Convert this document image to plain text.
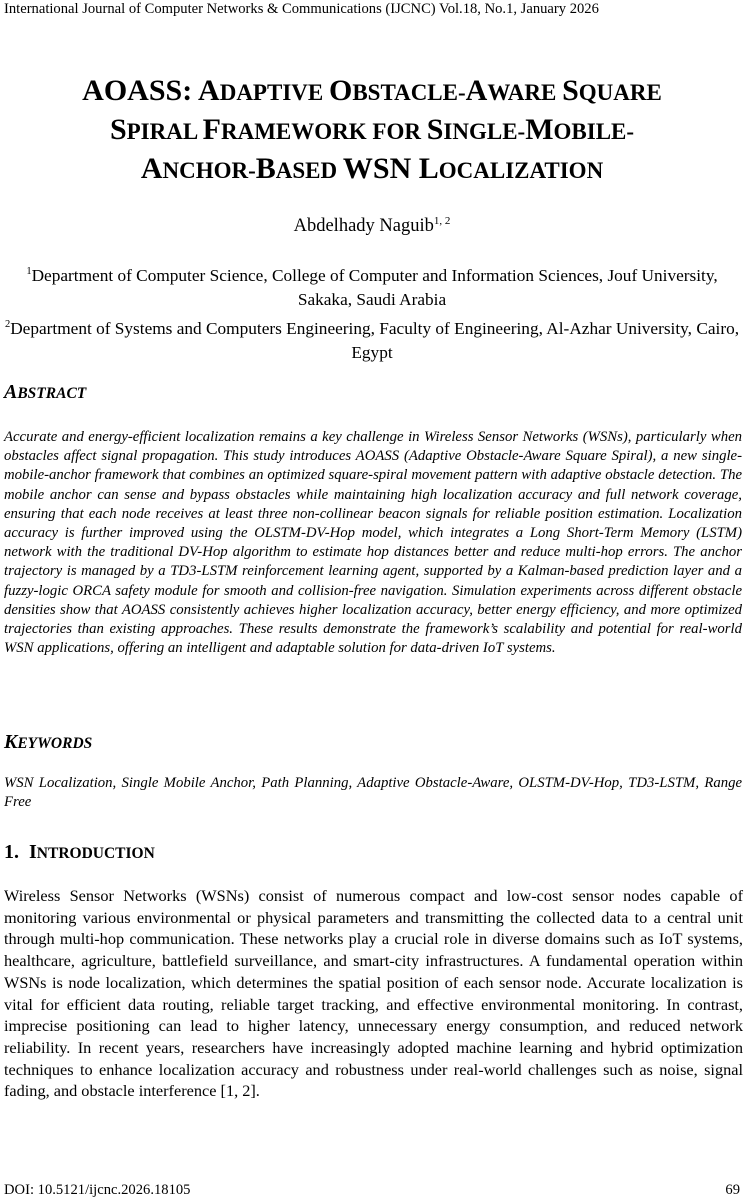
International Journal of Computer Networks & Communications (IJCNC) Vol.18, No.1, January 2026
AOASS: ADAPTIVE OBSTACLE-AWARE SQUARE
SPIRAL FRAMEWORK FOR SINGLE-MOBILE-
ANCHOR-BASED WSN LOCALIZATION
Abdelhady Naguib$^{1, 2}$
$^1$Department of Computer Science, College of Computer and Information Sciences, Jouf University, Sakaka, Saudi Arabia
$^2$Department of Systems and Computers Engineering, Faculty of Engineering, Al-Azhar University, Cairo, Egypt
ABSTRACT
Accurate and energy-efficient localization remains a key challenge in Wireless Sensor Networks (WSNs), particularly when obstacles affect signal propagation. This study introduces AOASS (Adaptive Obstacle-Aware Square Spiral), a new single-mobile-anchor framework that combines an optimized square-spiral movement pattern with adaptive obstacle detection. The mobile anchor can sense and bypass obstacles while maintaining high localization accuracy and full network coverage, ensuring that each node receives at least three non-collinear beacon signals for reliable position estimation. Localization accuracy is further improved using the OLSTM-DV-Hop model, which integrates a Long Short-Term Memory (LSTM) network with the traditional DV-Hop algorithm to estimate hop distances better and reduce multi-hop errors. The anchor trajectory is managed by a TD3-LSTM reinforcement learning agent, supported by a Kalman-based prediction layer and a fuzzy-logic ORCA safety module for smooth and collision-free navigation. Simulation experiments across different obstacle densities show that AOASS consistently achieves higher localization accuracy, better energy efficiency, and more optimized trajectories than existing approaches. These results demonstrate the framework’s scalability and potential for real-world WSN applications, offering an intelligent and adaptable solution for data-driven IoT systems.
KEYWORDS
WSN Localization, Single Mobile Anchor, Path Planning, Adaptive Obstacle-Aware, OLSTM-DV-Hop, TD3-LSTM, Range Free
1. INTRODUCTION
Wireless Sensor Networks (WSNs) consist of numerous compact and low-cost sensor nodes capable of monitoring various environmental or physical parameters and transmitting the collected data to a central unit through multi-hop communication. These networks play a crucial role in diverse domains such as IoT systems, healthcare, agriculture, battlefield surveillance, and smart-city infrastructures. A fundamental operation within WSNs is node localization, which determines the spatial position of each sensor node. Accurate localization is vital for efficient data routing, reliable target tracking, and effective environmental monitoring. In contrast, imprecise positioning can lead to higher latency, unnecessary energy consumption, and reduced network reliability. In recent years, researchers have increasingly adopted machine learning and hybrid optimization techniques to enhance localization accuracy and robustness under real-world challenges such as noise, signal fading, and obstacle interference [1, 2].
DOI: 10.5121/ijcnc.2026.18105	69
